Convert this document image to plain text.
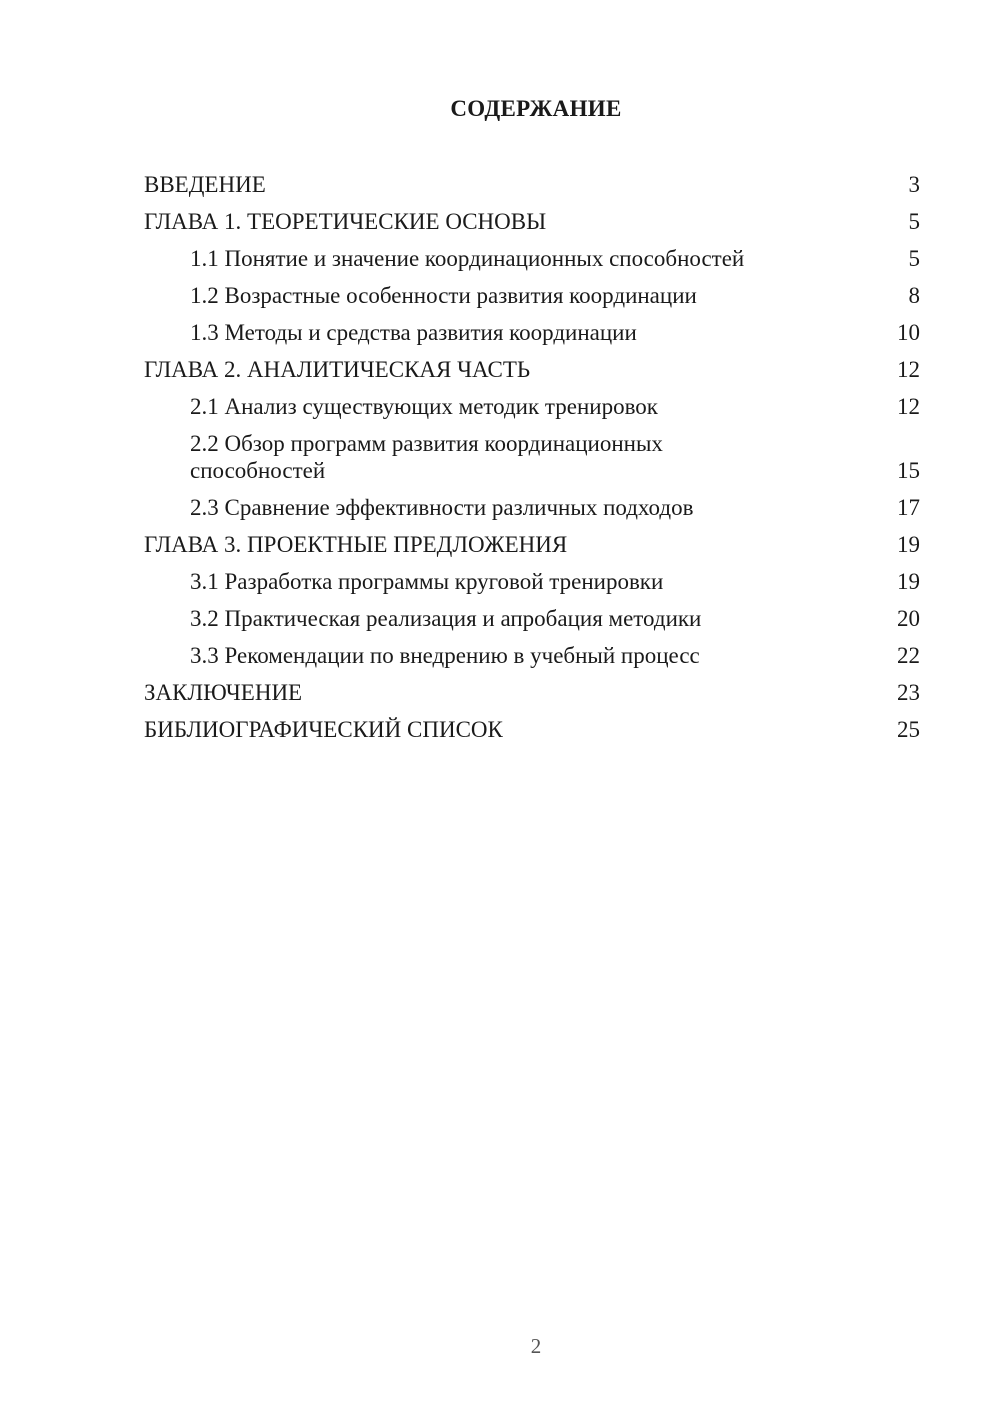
СОДЕРЖАНИЕ
ВВЕДЕНИЕ	3
ГЛАВА 1. ТЕОРЕТИЧЕСКИЕ ОСНОВЫ	5
1.1 Понятие и значение координационных способностей	5
1.2 Возрастные особенности развития координации	8
1.3 Методы и средства развития координации	10
ГЛАВА 2. АНАЛИТИЧЕСКАЯ ЧАСТЬ	12
2.1 Анализ существующих методик тренировок	12
2.2 Обзор программ развития координационных способностей	15
2.3 Сравнение эффективности различных подходов	17
ГЛАВА 3. ПРОЕКТНЫЕ ПРЕДЛОЖЕНИЯ	19
3.1 Разработка программы круговой тренировки	19
3.2 Практическая реализация и апробация методики	20
3.3 Рекомендации по внедрению в учебный процесс	22
ЗАКЛЮЧЕНИЕ	23
БИБЛИОГРАФИЧЕСКИЙ СПИСОК	25
2
